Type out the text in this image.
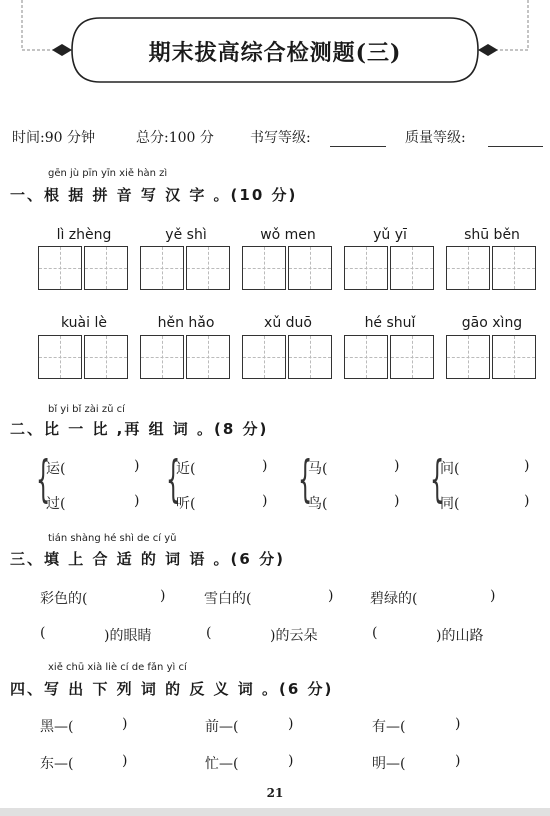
期末拔高综合检测题(三)
时间:90 分钟	总分:100 分	书写等级:	质量等级:
gēn jù pīn yīn xiě hàn zì
一、根 据 拼 音 写 汉 字 。(10 分)
lì zhèng	yě shì	wǒ men	yǔ yī	shū běn
kuài lè	hěn hǎo	xǔ duō	hé shuǐ	gāo xìng
bǐ yi bǐ zài zǔ cí
二、比 一 比 ,再 组 词 。(8 分)
{
运(	)
过(	) {
近(	)
听(	) {
马(	)
鸟(	) {
问(	)
同(	)
tián shàng hé shì de cí yǔ
三、填 上 合 适 的 词 语 。(6 分)
彩色的(	)	雪白的(	)	碧绿的(	)
(	)的眼睛	(	)的云朵	(	)的山路
xiě chū xià liè cí de fǎn yì cí
四、写 出 下 列 词 的 反 义 词 。(6 分)
黑—(	)	前—(	)	有—(	)
东—(	)	忙—(	)	明—(	)
21
